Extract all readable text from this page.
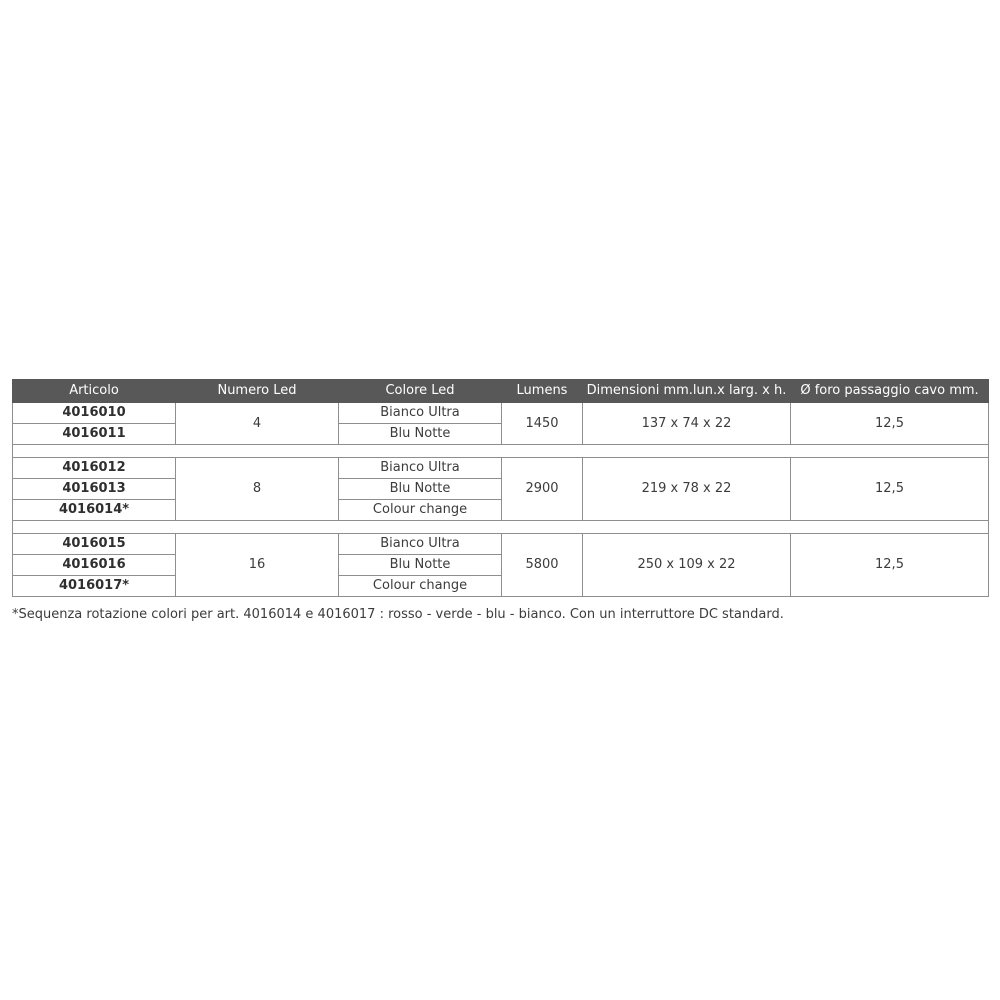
Articolo	Numero Led	Colore Led	Lumens	Dimensioni mm.lun.x larg. x h.	Ø foro passaggio cavo mm.
4016010	4	Bianco Ultra	1450	137 x 74 x 22	12,5
4016011		Blu Notte			

4016012	8	Bianco Ultra	2900	219 x 78 x 22	12,5
4016013		Blu Notte			
4016014*		Colour change			

4016015	16	Bianco Ultra	5800	250 x 109 x 22	12,5
4016016		Blu Notte			
4016017*		Colour change			
*Sequenza rotazione colori per art. 4016014 e 4016017 : rosso - verde - blu - bianco. Con un interruttore DC standard.
